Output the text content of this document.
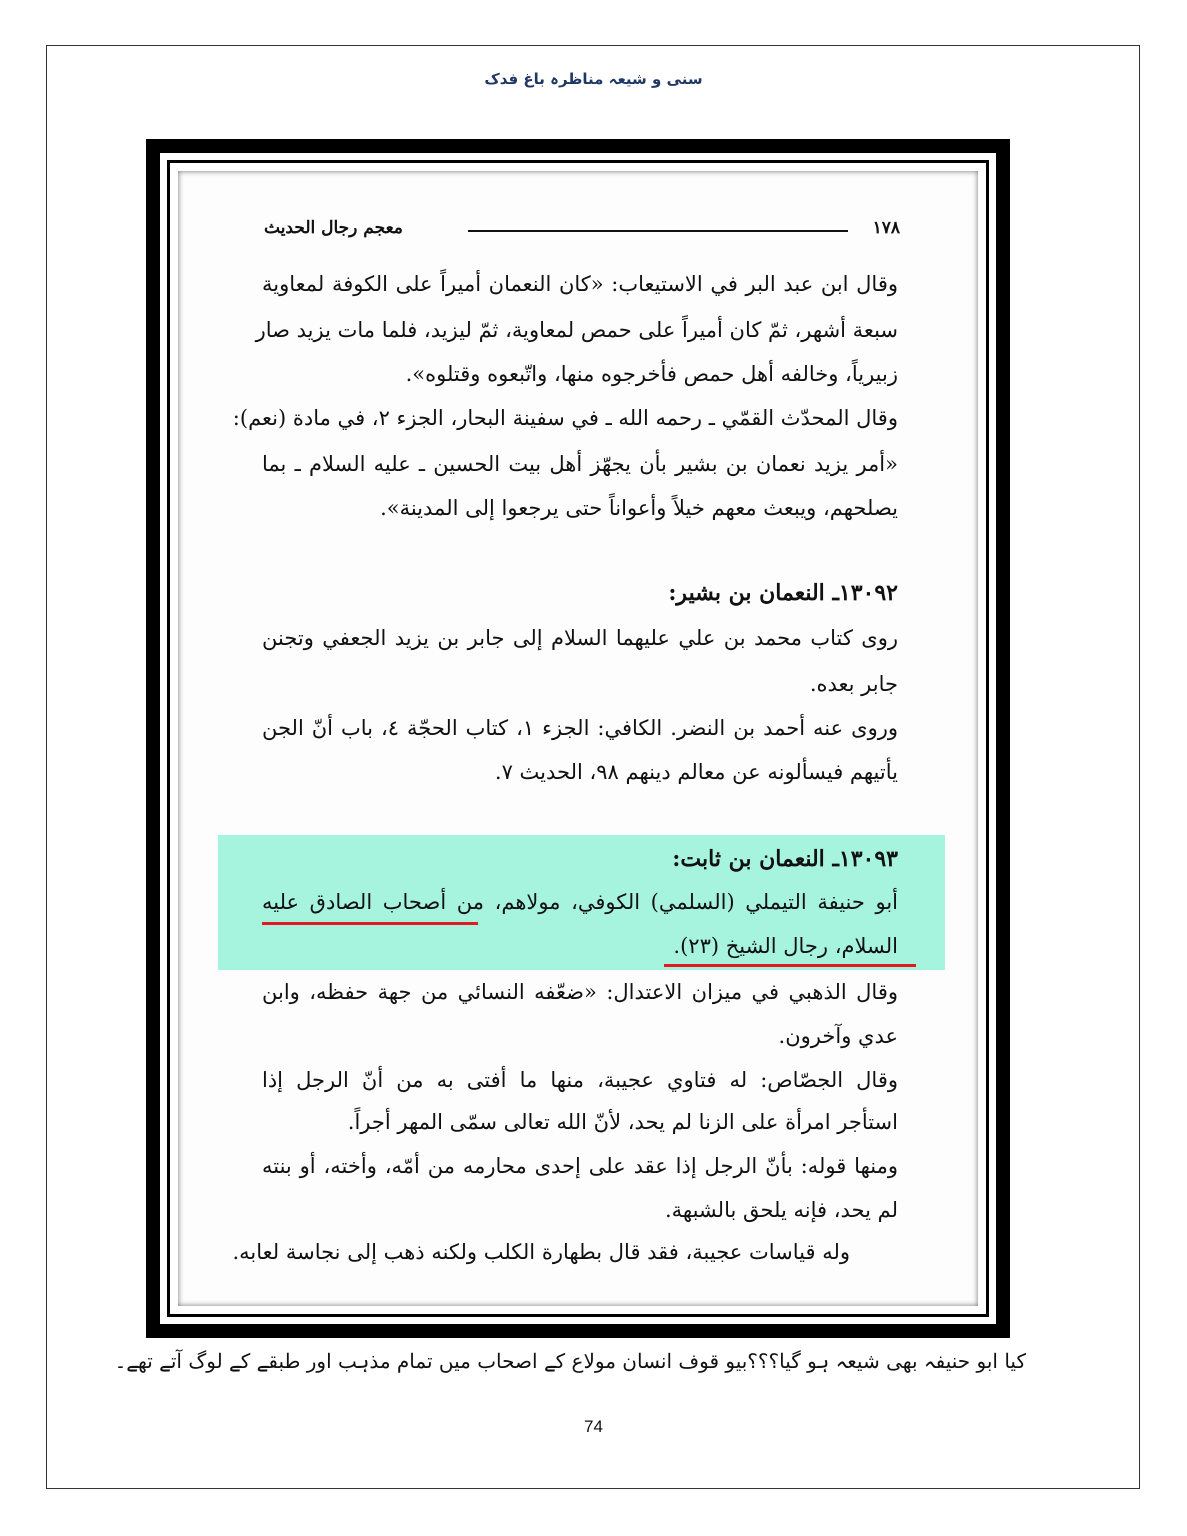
سنی و شیعہ مناظرہ باغ فدک
١٧٨
معجم رجال الحديث
وقال ابن عبد البر في الاستيعاب: «كان النعمان أميراً على الكوفة لمعاوية
سبعة أشهر، ثمّ كان أميراً على حمص لمعاوية، ثمّ ليزيد، فلما مات يزيد صار
زبيرياً، وخالفه أهل حمص فأخرجوه منها، واتّبعوه وقتلوه».
وقال المحدّث القمّي ـ رحمه الله ـ في سفينة البحار، الجزء ٢، في مادة (نعم):
«أمر يزيد نعمان بن بشير بأن يجهّز أهل بيت الحسين ـ عليه السلام ـ بما
يصلحهم، ويبعث معهم خيلاً وأعواناً حتى يرجعوا إلى المدينة».
١٣٠٩٢ـ النعمان بن بشير:
روى كتاب محمد بن علي عليهما السلام إلى جابر بن يزيد الجعفي وتجنن
جابر بعده.
وروى عنه أحمد بن النضر. الكافي: الجزء ١، كتاب الحجّة ٤، باب أنّ الجن
يأتيهم فيسألونه عن معالم دينهم ٩٨، الحديث ٧.
١٣٠٩٣ـ النعمان بن ثابت:
أبو حنيفة التيملي (السلمي) الكوفي، مولاهم، من أصحاب الصادق عليه
السلام، رجال الشيخ (٢٣).
وقال الذهبي في ميزان الاعتدال: «ضعّفه النسائي من جهة حفظه، وابن
عدي وآخرون.
وقال الجصّاص: له فتاوي عجيبة، منها ما أفتى به من أنّ الرجل إذا
استأجر امرأة على الزنا لم يحد، لأنّ الله تعالى سمّى المهر أجراً.
ومنها قوله: بأنّ الرجل إذا عقد على إحدى محارمه من أمّه، وأخته، أو بنته
لم يحد، فإنه يلحق بالشبهة.
وله قياسات عجيبة، فقد قال بطهارة الكلب ولكنه ذهب إلى نجاسة لعابه.
کیا ابو حنیفہ بھی شیعہ ہو گیا؟؟؟بیو قوف انسان مولاع کے اصحاب میں تمام مذہب اور طبقے کے لوگ آتے تھے۔
74
